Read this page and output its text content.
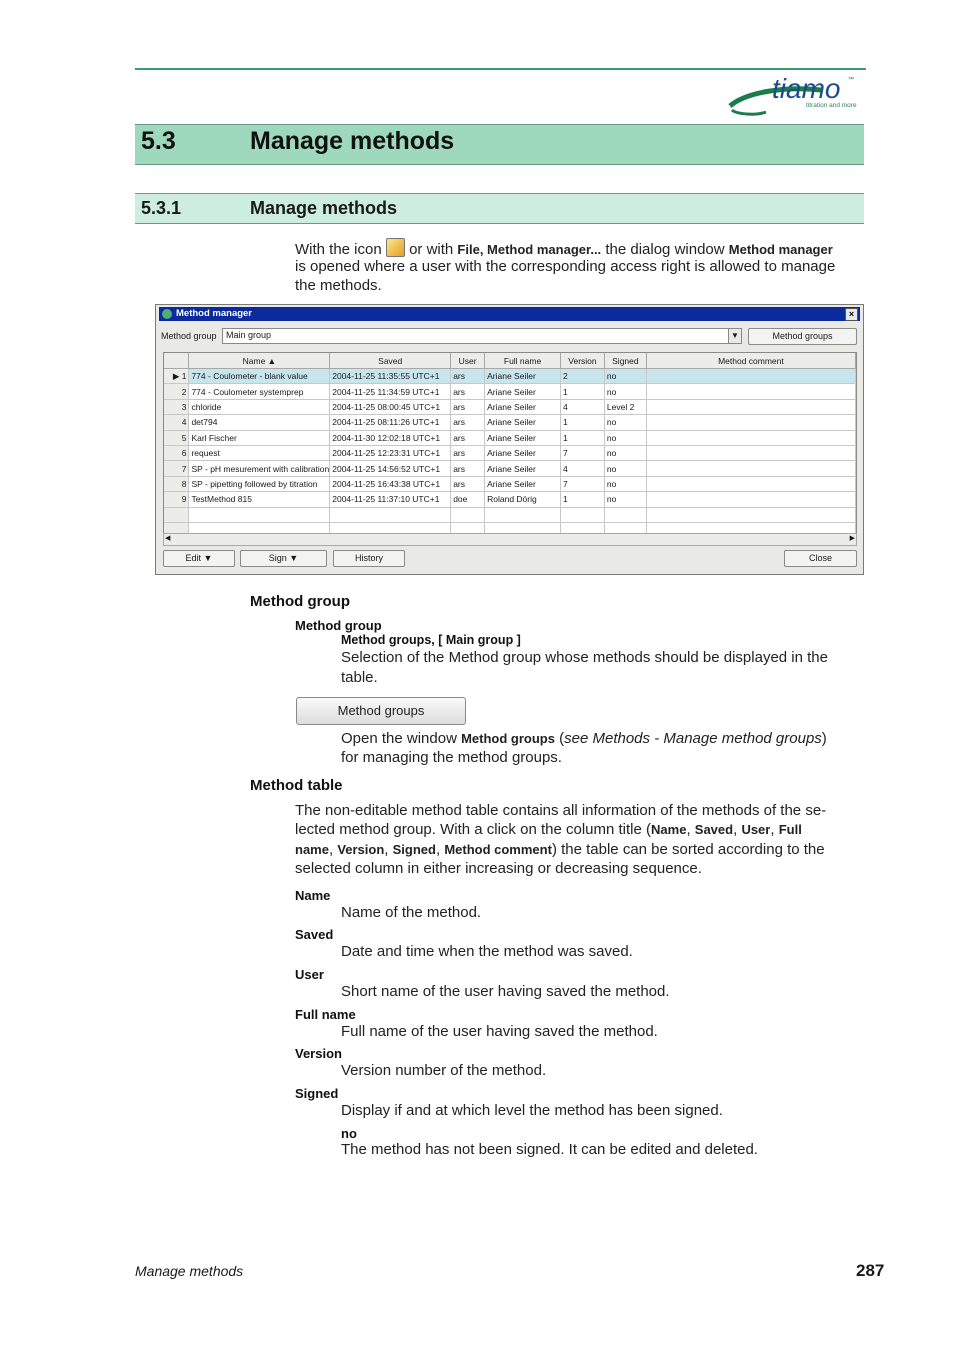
tiamo ™
titration and more
5.3	Manage methods
5.3.1	Manage methods
With the icon or with File, Method manager... the dialog window Method manager
is opened where a user with the corresponding access right is allowed to manage
the methods.
Method manager	×
Method group Main group	▼	Method groups
	Name ▲	Saved	User	Full name	Version	Signed	Method comment
▶ 1	774 - Coulometer - blank value	2004-11-25 11:35:55 UTC+1	ars	Ariane Seiler	2	no	
2	774 - Coulometer systemprep	2004-11-25 11:34:59 UTC+1	ars	Ariane Seiler	1	no	
3	chloride	2004-11-25 08:00:45 UTC+1	ars	Ariane Seiler	4	Level 2	
4	det794	2004-11-25 08:11:26 UTC+1	ars	Ariane Seiler	1	no	
5	Karl Fischer	2004-11-30 12:02:18 UTC+1	ars	Ariane Seiler	1	no	
6	request	2004-11-25 12:23:31 UTC+1	ars	Ariane Seiler	7	no	
7	SP - pH mesurement with calibration	2004-11-25 14:56:52 UTC+1	ars	Ariane Seiler	4	no	
8	SP - pipetting followed by titration	2004-11-25 16:43:38 UTC+1	ars	Ariane Seiler	7	no	
9	TestMethod 815	2004-11-25 11:37:10 UTC+1	doe	Roland Dörig	1	no	

◀	▶
Edit ▼	Sign ▼	History	Close
Method group
Method group
Method groups, [ Main group ]
Selection of the Method group whose methods should be displayed in the
table.
Method groups
Open the window Method groups (see Methods - Manage method groups)
for managing the method groups.
Method table
The non-editable method table contains all information of the methods of the se-
lected method group. With a click on the column title (Name, Saved, User, Full
name, Version, Signed, Method comment) the table can be sorted according to the
selected column in either increasing or decreasing sequence.
Name
Name of the method.
Saved
Date and time when the method was saved.
User
Short name of the user having saved the method.
Full name
Full name of the user having saved the method.
Version
Version number of the method.
Signed
Display if and at which level the method has been signed.
no
The method has not been signed. It can be edited and deleted.
Manage methods	287
